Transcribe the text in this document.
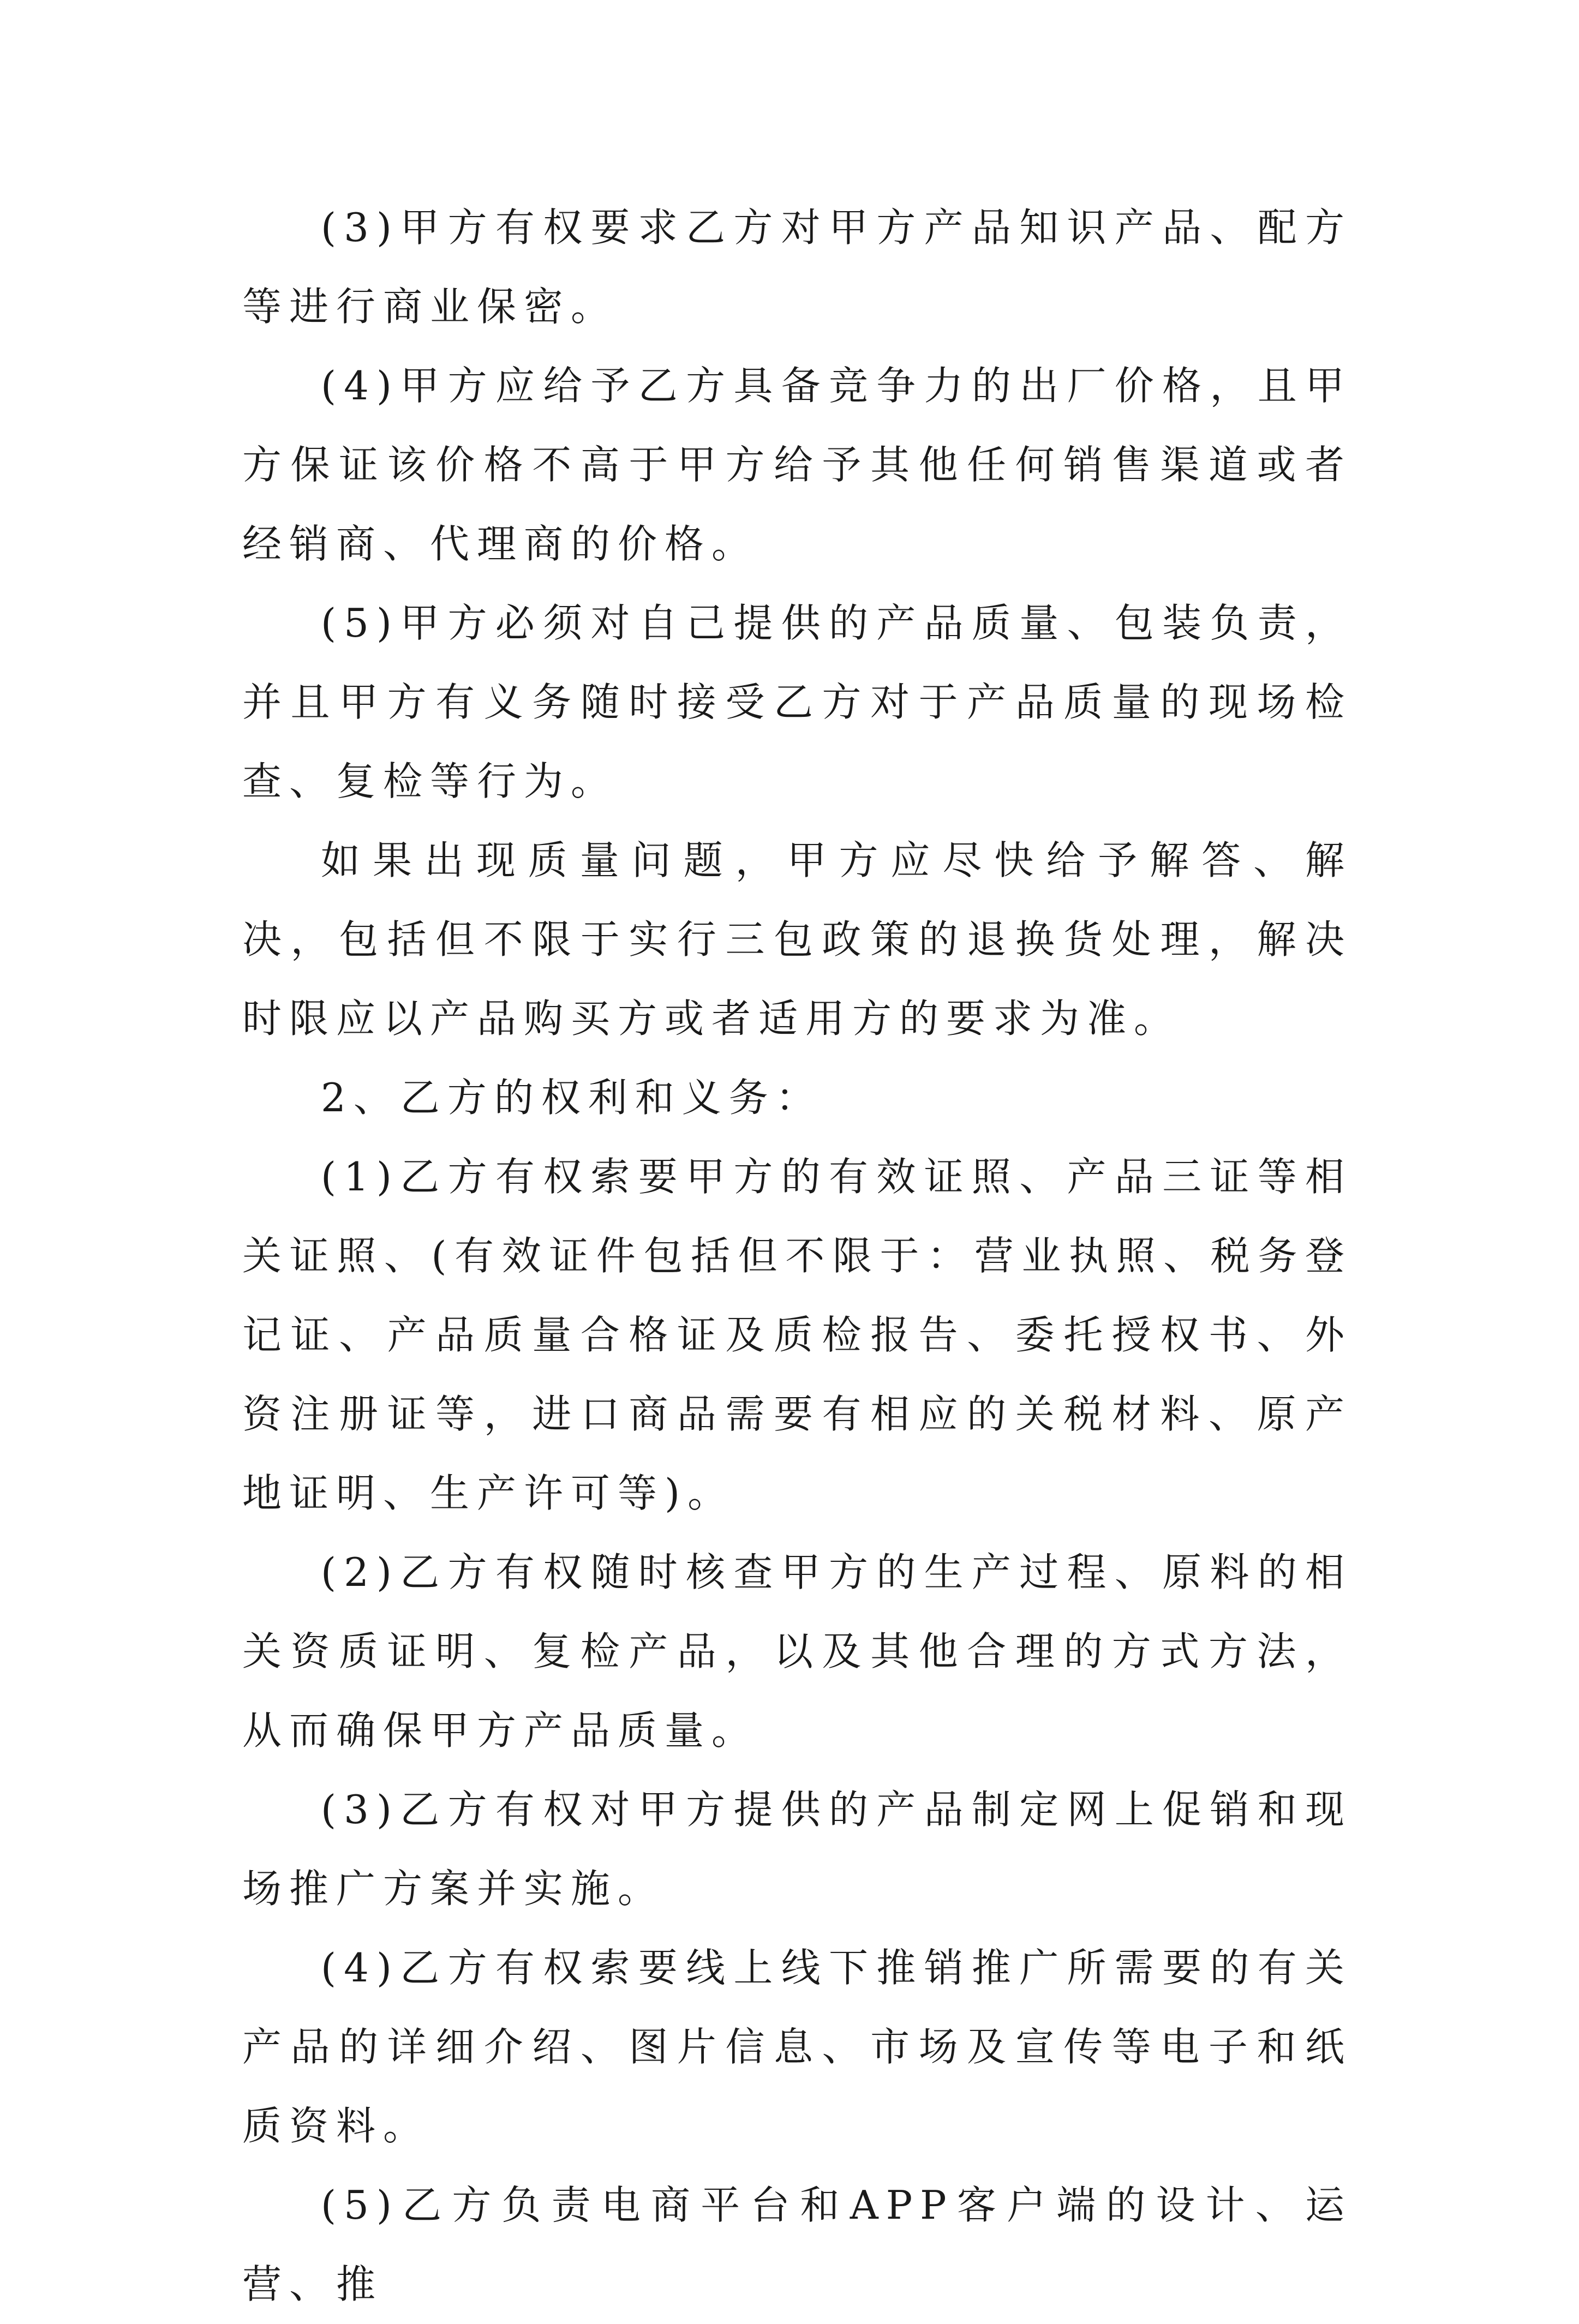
(3)甲方有权要求乙方对甲方产品知识产品、配方等进行商业保密。

(4)甲方应给予乙方具备竞争力的出厂价格，且甲方保证该价格不高于甲方给予其他任何销售渠道或者经销商、代理商的价格。

(5)甲方必须对自己提供的产品质量、包装负责，并且甲方有义务随时接受乙方对于产品质量的现场检查、复检等行为。

如果出现质量问题，甲方应尽快给予解答、解决，包括但不限于实行三包政策的退换货处理，解决时限应以产品购买方或者适用方的要求为准。

2、乙方的权利和义务：

(1)乙方有权索要甲方的有效证照、产品三证等相关证照、(有效证件包括但不限于：营业执照、税务登记证、产品质量合格证及质检报告、委托授权书、外资注册证等，进口商品需要有相应的关税材料、原产地证明、生产许可等)。

(2)乙方有权随时核查甲方的生产过程、原料的相关资质证明、复检产品，以及其他合理的方式方法，从而确保甲方产品质量。

(3)乙方有权对甲方提供的产品制定网上促销和现场推广方案并实施。

(4)乙方有权索要线上线下推销推广所需要的有关产品的详细介绍、图片信息、市场及宣传等电子和纸质资料。

(5)乙方负责电商平台和APP客户端的设计、运营、推
